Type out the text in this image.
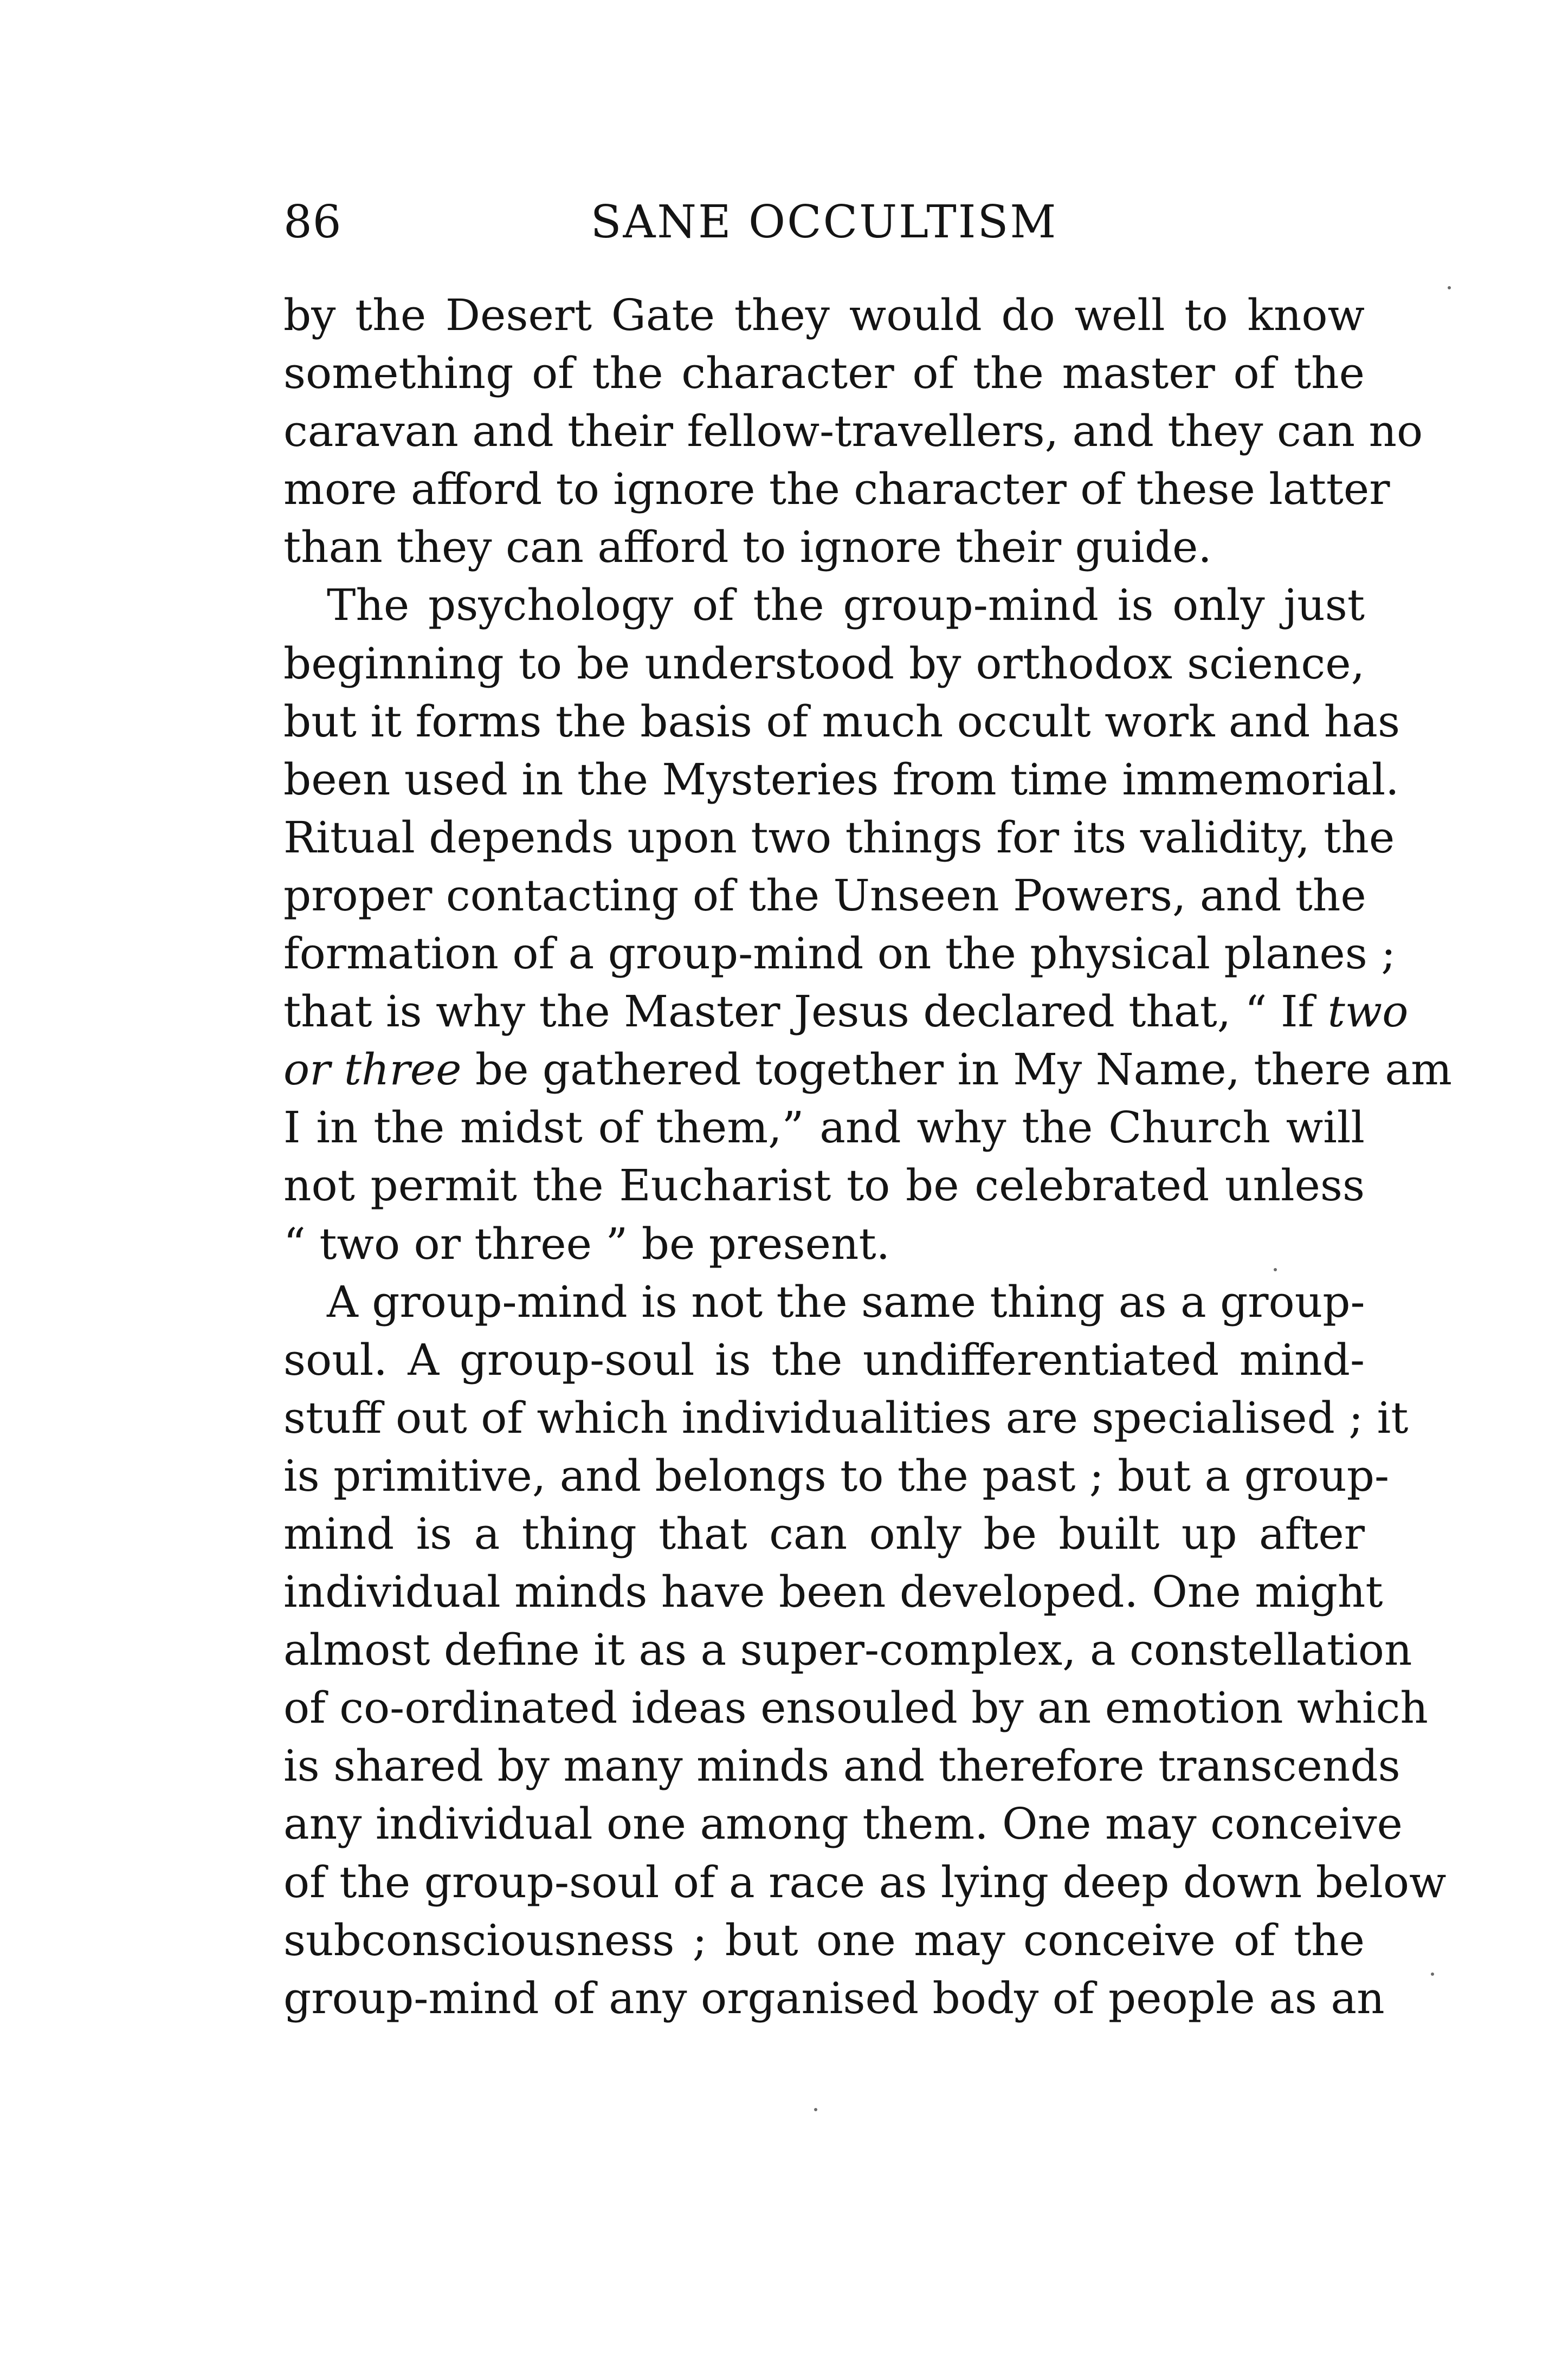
86	SANE OCCULTISM
by the Desert Gate they would do well to know
something of the character of the master of the
caravan and their fellow-travellers, and they can no
more afford to ignore the character of these latter
than they can afford to ignore their guide.
The psychology of the group-mind is only just
beginning to be understood by orthodox science,
but it forms the basis of much occult work and has
been used in the Mysteries from time immemorial.
Ritual depends upon two things for its validity, the
proper contacting of the Unseen Powers, and the
formation of a group-mind on the physical planes ;
that is why the Master Jesus declared that, “ If two
or three be gathered together in My Name, there am
I in the midst of them,” and why the Church will
not permit the Eucharist to be celebrated unless
“ two or three ” be present.
A group-mind is not the same thing as a group-
soul. A group-soul is the undifferentiated mind-
stuff out of which individualities are specialised ; it
is primitive, and belongs to the past ; but a group-
mind is a thing that can only be built up after
individual minds have been developed. One might
almost define it as a super-complex, a constellation
of co-ordinated ideas ensouled by an emotion which
is shared by many minds and therefore transcends
any individual one among them. One may conceive
of the group-soul of a race as lying deep down below
subconsciousness ; but one may conceive of the
group-mind of any organised body of people as an
